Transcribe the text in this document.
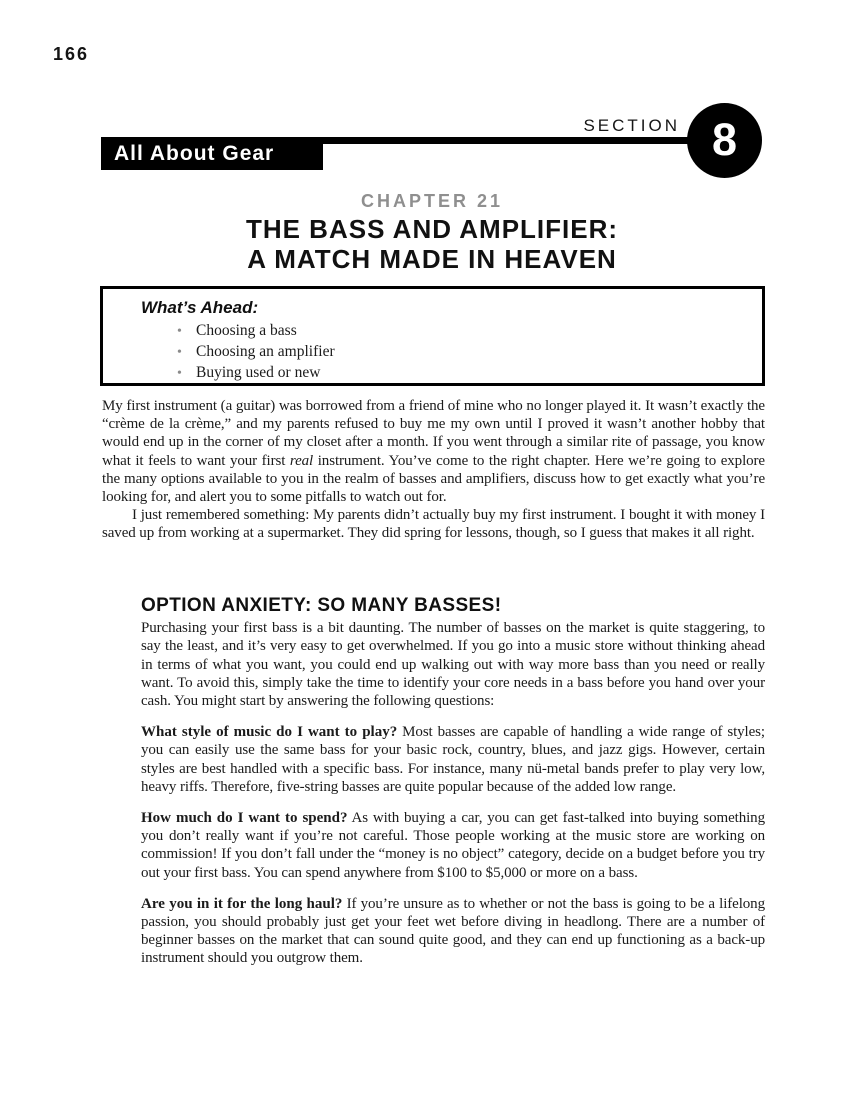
166
All About Gear
SECTION 8
CHAPTER 21
THE BASS AND AMPLIFIER:
A MATCH MADE IN HEAVEN
What’s Ahead:
• Choosing a bass
• Choosing an amplifier
• Buying used or new

My first instrument (a guitar) was borrowed from a friend of mine who no longer played it. It wasn’t exactly the “crème de la crème,” and my parents refused to buy me my own until I proved it wasn’t another hobby that would end up in the corner of my closet after a month. If you went through a similar rite of passage, you know what it feels to want your first real instrument. You’ve come to the right chapter. Here we’re going to explore the many options available to you in the realm of basses and amplifiers, discuss how to get exactly what you’re looking for, and alert you to some pitfalls to watch out for.

I just remembered something: My parents didn’t actually buy my first instrument. I bought it with money I saved up from working at a supermarket. They did spring for lessons, though, so I guess that makes it all right.

OPTION ANXIETY: SO MANY BASSES!

Purchasing your first bass is a bit daunting. The number of basses on the market is quite staggering, to say the least, and it’s very easy to get overwhelmed. If you go into a music store without thinking ahead in terms of what you want, you could end up walking out with way more bass than you need or really want. To avoid this, simply take the time to identify your core needs in a bass before you hand over your cash. You might start by answering the following questions:

What style of music do I want to play? Most basses are capable of handling a wide range of styles; you can easily use the same bass for your basic rock, country, blues, and jazz gigs. However, certain styles are best handled with a specific bass. For instance, many nü-metal bands prefer to play very low, heavy riffs. Therefore, five-string basses are quite popular because of the added low range.

How much do I want to spend? As with buying a car, you can get fast-talked into buying something you don’t really want if you’re not careful. Those people working at the music store are working on commission! If you don’t fall under the “money is no object” category, decide on a budget before you try out your first bass. You can spend anywhere from $100 to $5,000 or more on a bass.

Are you in it for the long haul? If you’re unsure as to whether or not the bass is going to be a lifelong passion, you should probably just get your feet wet before diving in headlong. There are a number of beginner basses on the market that can sound quite good, and they can end up functioning as a back-up instrument should you outgrow them.
